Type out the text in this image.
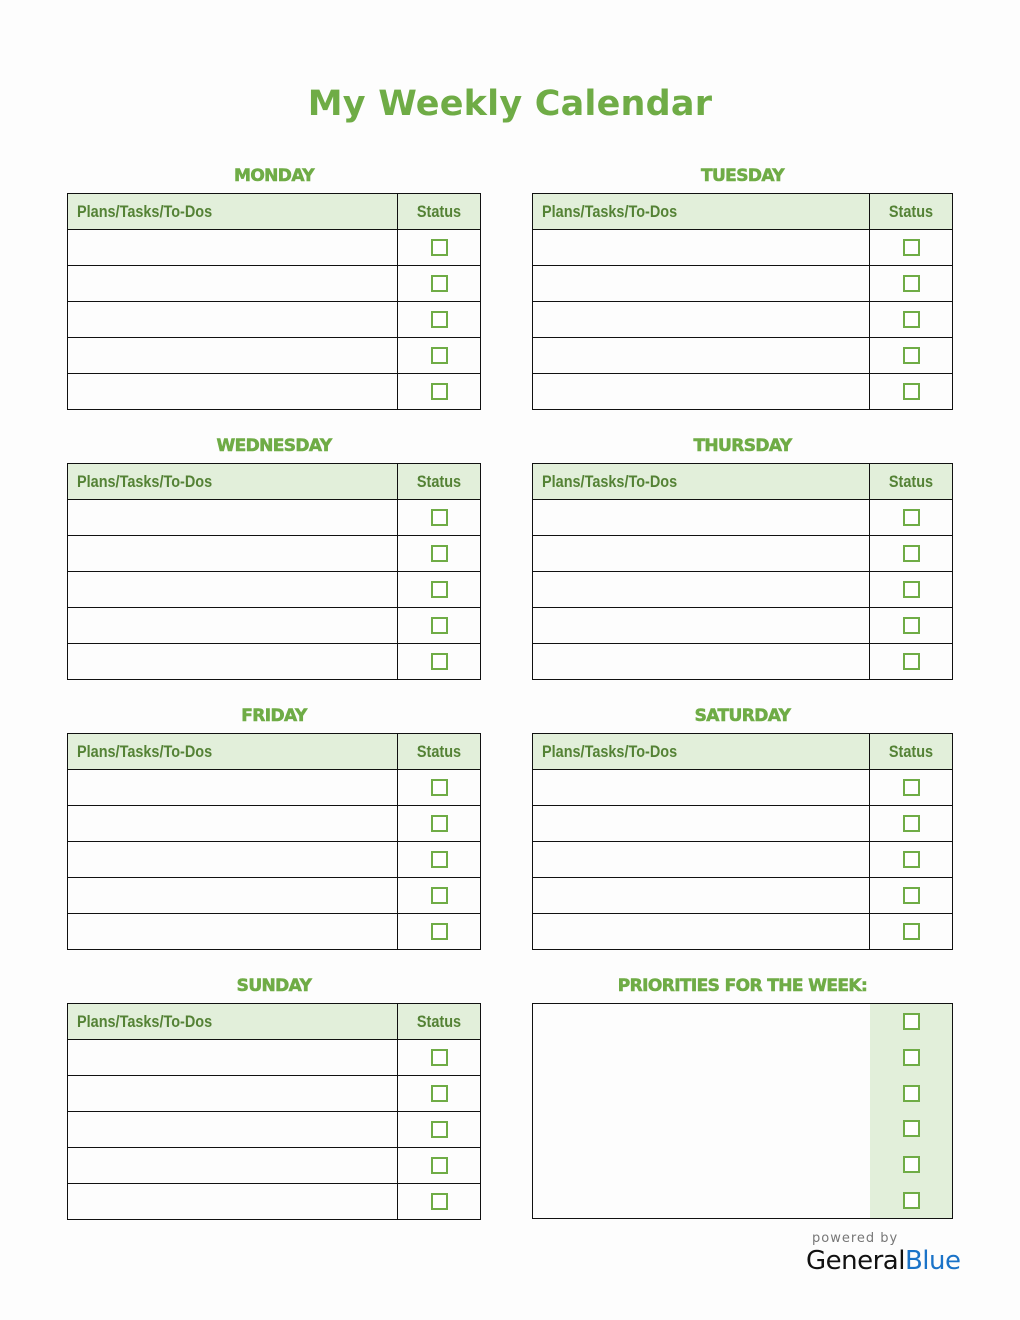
My Weekly Calendar
MONDAY
Plans/Tasks/To-Dos	Status

TUESDAY
Plans/Tasks/To-Dos	Status

WEDNESDAY
Plans/Tasks/To-Dos	Status

THURSDAY
Plans/Tasks/To-Dos	Status

FRIDAY
Plans/Tasks/To-Dos	Status

SATURDAY
Plans/Tasks/To-Dos	Status

SUNDAY
Plans/Tasks/To-Dos	Status

PRIORITIES FOR THE WEEK:
powered by
GeneralBlue
